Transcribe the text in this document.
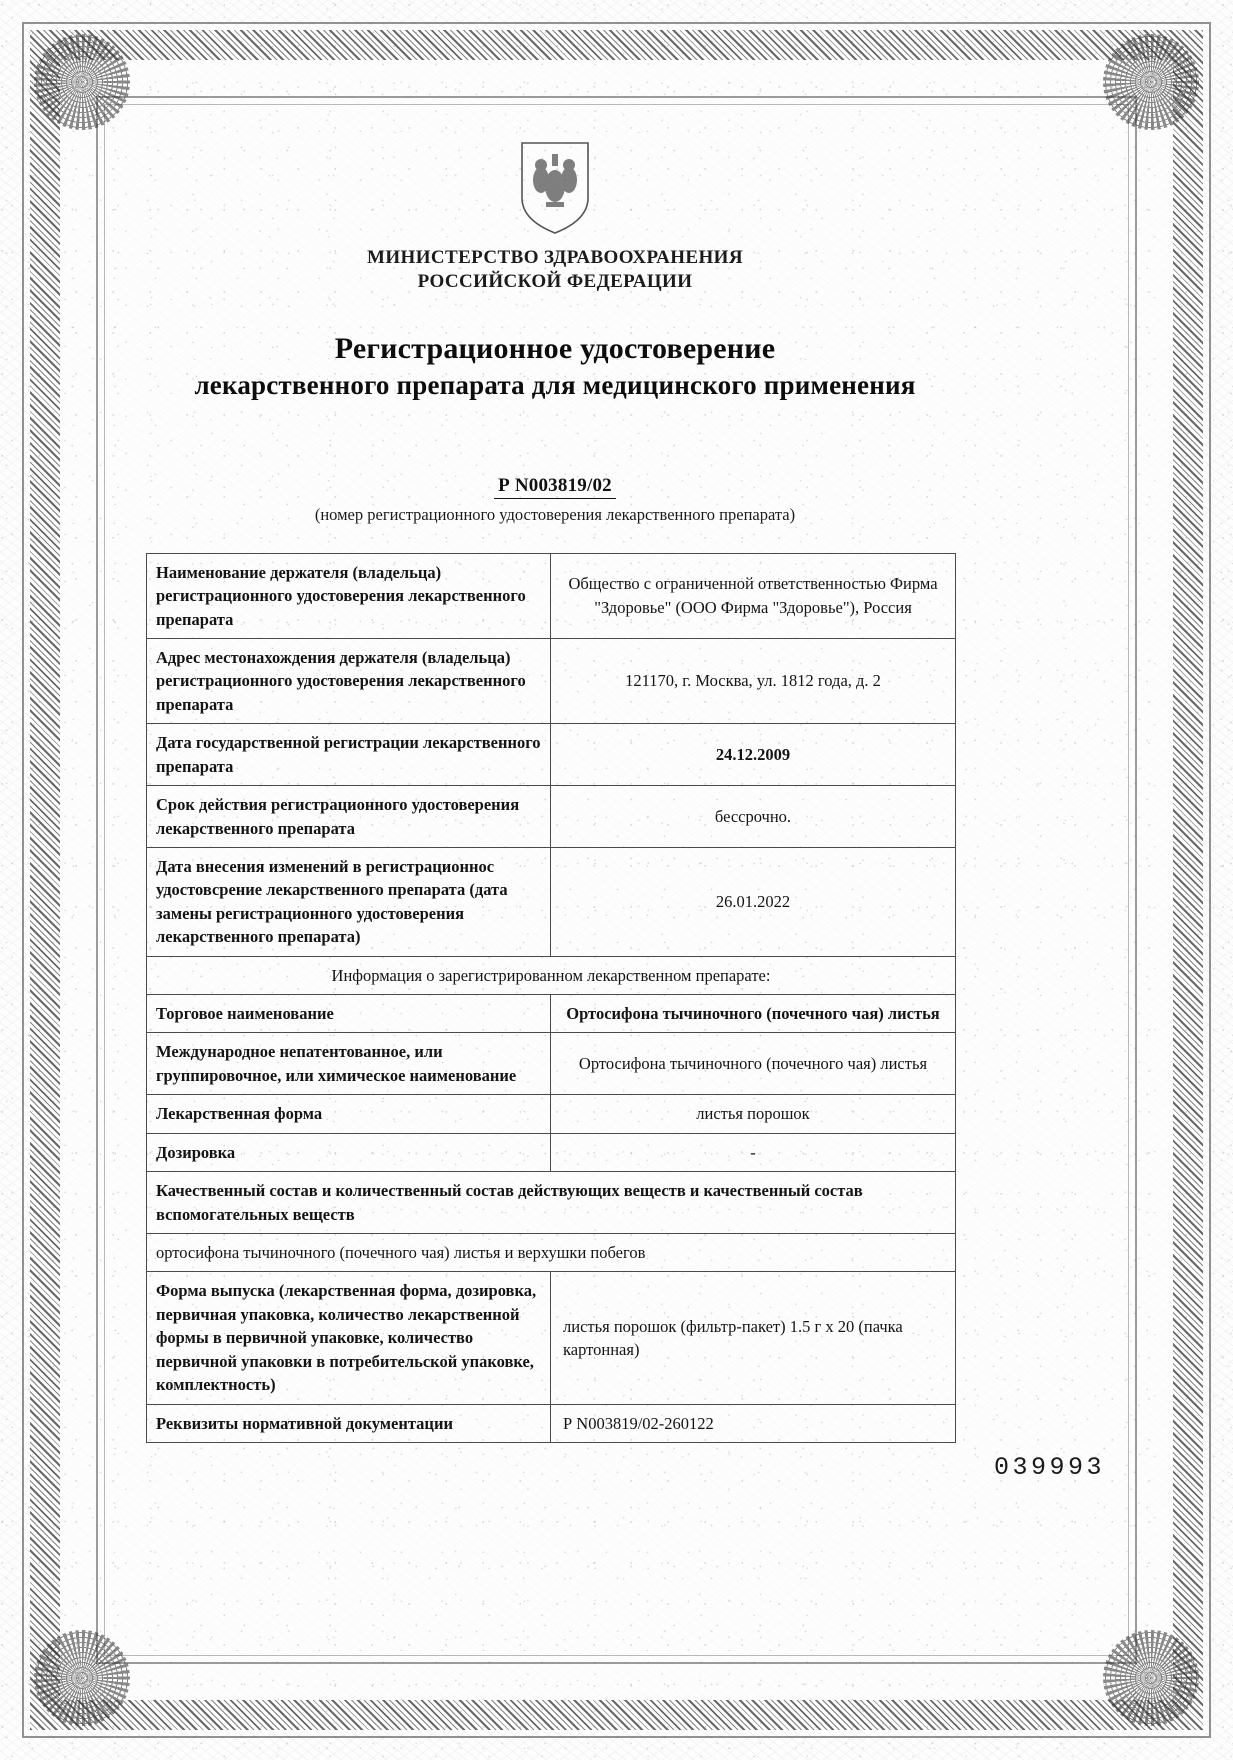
МИНИСТЕРСТВО ЗДРАВООХРАНЕНИЯ
РОССИЙСКОЙ ФЕДЕРАЦИИ
Регистрационное удостоверение
лекарственного препарата для медицинского применения
Р N003819/02
(номер регистрационного удостоверения лекарственного препарата)
Наименование держателя (владельца) регистрационного удостоверения лекарственного препарата	Общество с ограниченной ответственностью Фирма "Здоровье" (ООО Фирма "Здоровье"), Россия
Адрес местонахождения держателя (владельца) регистрационного удостоверения лекарственного препарата	121170, г. Москва, ул. 1812 года, д. 2
Дата государственной регистрации лекарственного препарата	24.12.2009
Срок действия регистрационного удостоверения лекарственного препарата	бессрочно.
Дата внесения изменений в регистрационнос удостовсрение лекарственного препарата (дата замены регистрационного удостоверения лекарственного препарата)	26.01.2022
Информация о зарегистрированном лекарственном препарате:	
Торговое наименование	Ортосифона тычиночного (почечного чая) листья
Международное непатентованное, или группировочное, или химическое наименование	Ортосифона тычиночного (почечного чая) листья
Лекарственная форма	листья порошок
Дозировка	-
Качественный состав и количественный состав действующих веществ и качественный состав вспомогательных веществ	
ортосифона тычиночного (почечного чая) листья и верхушки побегов	
Форма выпуска (лекарственная форма, дозировка, первичная упаковка, количество лекарственной формы в первичной упаковке, количество первичной упаковки в потребительской упаковке, комплектность)	листья порошок (фильтр-пакет) 1.5 г х 20 (пачка картонная)
Реквизиты нормативной документации	Р N003819/02-260122
039993
